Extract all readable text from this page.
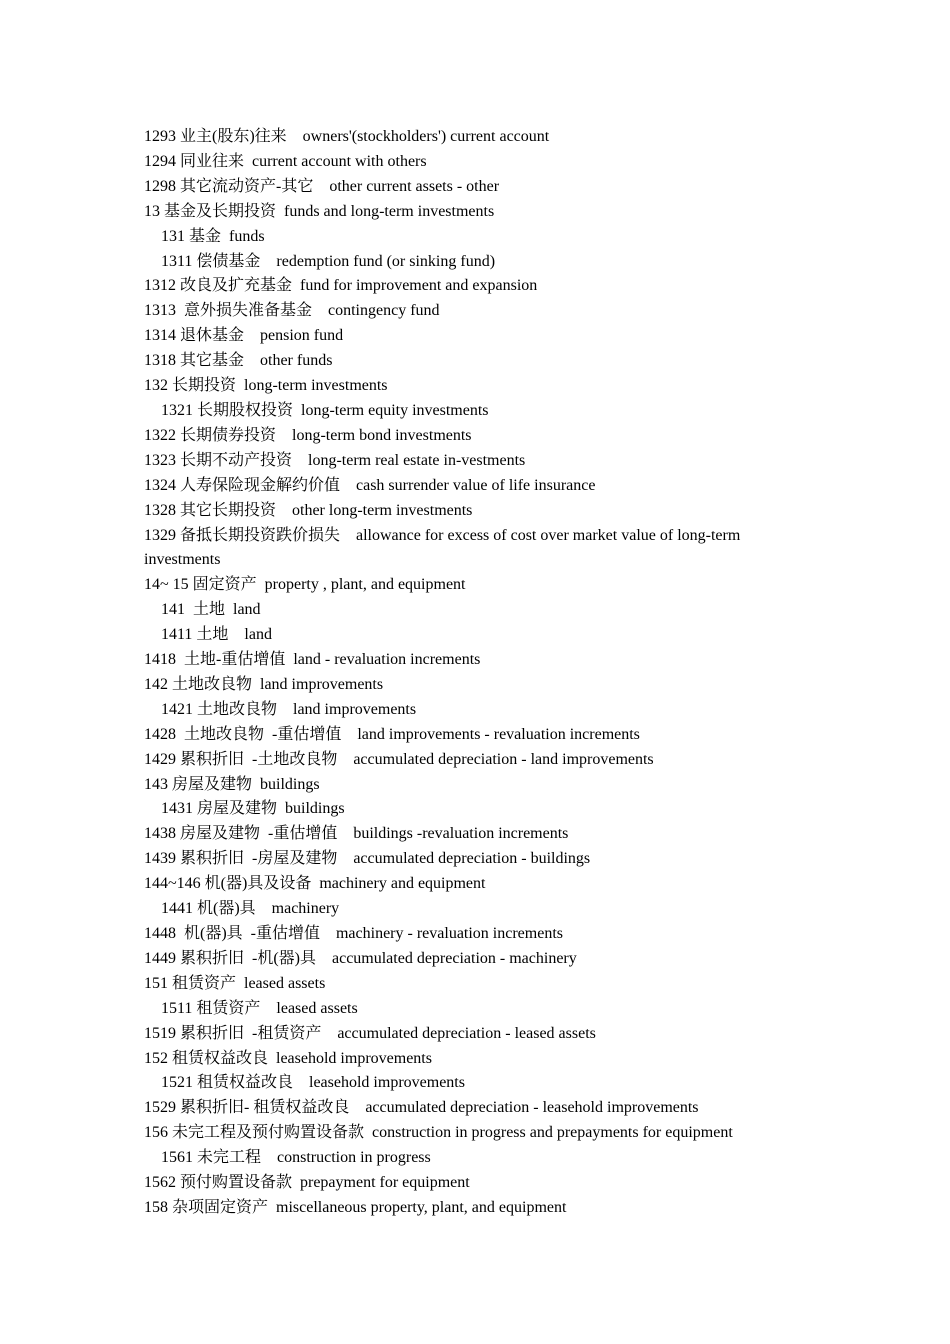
1293 业主(股东)往来    owners'(stockholders') current account

1294 同业往来  current account with others

1298 其它流动资产-其它    other current assets - other

13 基金及长期投资  funds and long-term investments

131 基金  funds

1311 偿债基金    redemption fund (or sinking fund)

1312 改良及扩充基金  fund for improvement and expansion

1313  意外损失准备基金    contingency fund

1314 退休基金    pension fund

1318 其它基金    other funds

132 长期投资  long-term investments

1321 长期股权投资  long-term equity investments

1322 长期债券投资    long-term bond investments

1323 长期不动产投资    long-term real estate in-vestments

1324 人寿保险现金解约价值    cash surrender value of life insurance

1328 其它长期投资    other long-term investments

1329 备抵长期投资跌价损失    allowance for excess of cost over market value of long-term investments

14~ 15 固定资产  property , plant, and equipment

141  土地  land

1411 土地    land

1418  土地-重估增值  land - revaluation increments

142 土地改良物  land improvements

1421 土地改良物    land improvements

1428  土地改良物  -重估增值    land improvements - revaluation increments

1429 累积折旧  -土地改良物    accumulated depreciation - land improvements

143 房屋及建物  buildings

1431 房屋及建物  buildings

1438 房屋及建物  -重估增值    buildings -revaluation increments

1439 累积折旧  -房屋及建物    accumulated depreciation - buildings

144~146 机(器)具及设备  machinery and equipment

1441 机(器)具    machinery

1448  机(器)具  -重估增值    machinery - revaluation increments

1449 累积折旧  -机(器)具    accumulated depreciation - machinery

151 租赁资产  leased assets

1511 租赁资产    leased assets

1519 累积折旧  -租赁资产    accumulated depreciation - leased assets

152 租赁权益改良  leasehold improvements

1521 租赁权益改良    leasehold improvements

1529 累积折旧- 租赁权益改良    accumulated depreciation - leasehold improvements

156 未完工程及预付购置设备款  construction in progress and prepayments for equipment

1561 未完工程    construction in progress

1562 预付购置设备款  prepayment for equipment

158 杂项固定资产  miscellaneous property, plant, and equipment
